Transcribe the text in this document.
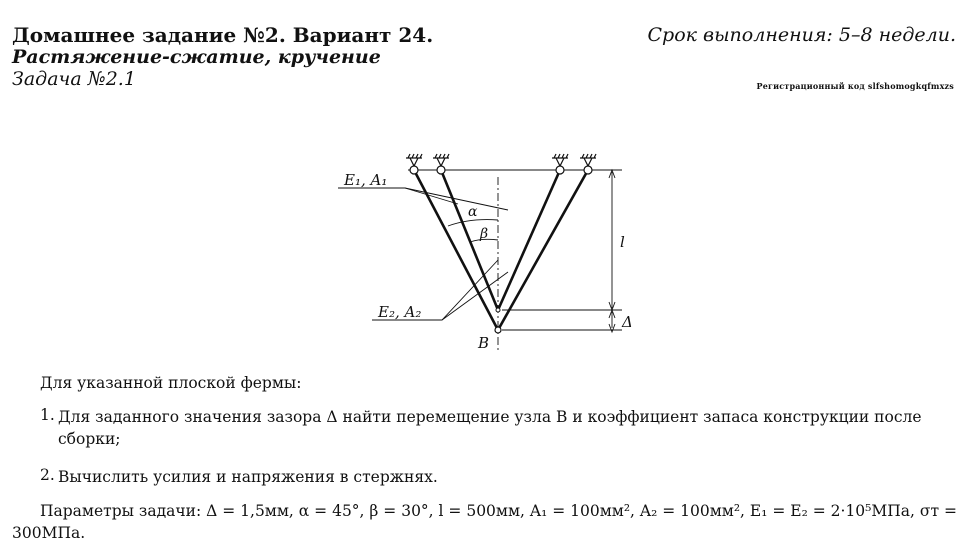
Домашнее задание №2. Вариант 24.
Растяжение-сжатие, кручение
Задача №2.1
Срок выполнения: 5–8 недели.
Регистрационный код slfshomogkqfmxzs
E₁, A₁
E₂, A₂
α
β	l
Δ
B
Для указанной плоской фермы:
1. Для заданного значения зазора Δ найти перемещение узла B и коэффициент запаса конструкции после сборки;
2. Вычислить усилия и напряжения в стержнях.
Параметры задачи: Δ = 1,5мм, α = 45°, β = 30°, l = 500мм, A₁ = 100мм², A₂ = 100мм², E₁ = E₂ = 2·10⁵МПа, σт = 300МПа.
